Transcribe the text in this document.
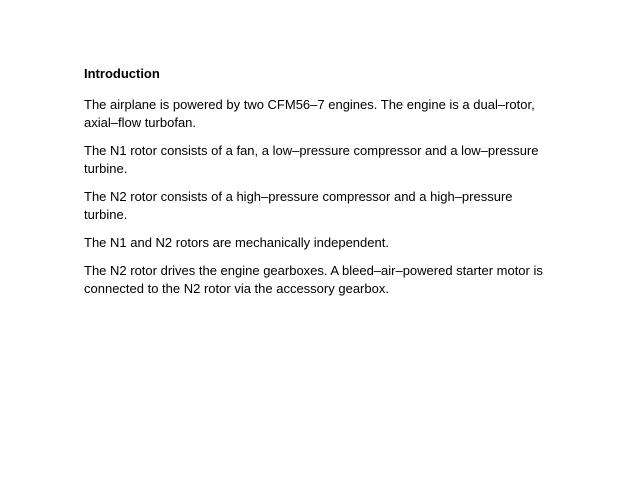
Introduction

The airplane is powered by two CFM56–7 engines. The engine is a dual–rotor, axial–flow turbofan.

The N1 rotor consists of a fan, a low–pressure compressor and a low–pressure turbine.

The N2 rotor consists of a high–pressure compressor and a high–pressure turbine.

The N1 and N2 rotors are mechanically independent.

The N2 rotor drives the engine gearboxes. A bleed–air–powered starter motor is connected to the N2 rotor via the accessory gearbox.
